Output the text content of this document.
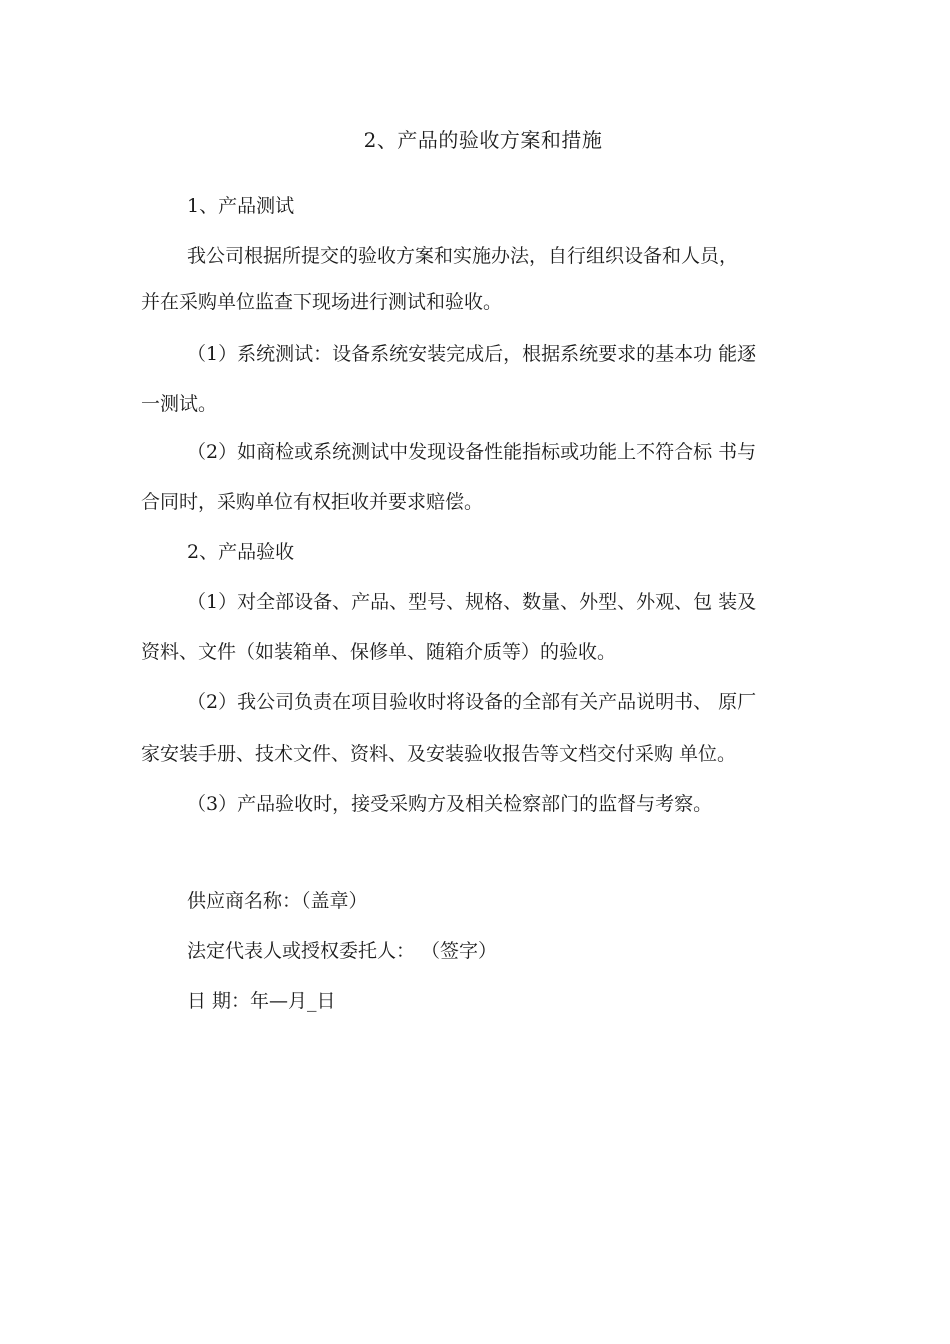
2、产品的验收方案和措施
1、产品测试
我公司根据所提交的验收方案和实施办法，自行组织设备和人员，
并在采购单位监查下现场进行测试和验收。
（1）系统测试：设备系统安装完成后，根据系统要求的基本功 能逐
一测试。
（2）如商检或系统测试中发现设备性能指标或功能上不符合标 书与
合同时，采购单位有权拒收并要求赔偿。
2、产品验收
（1）对全部设备、产品、型号、规格、数量、外型、外观、包 装及
资料、文件（如装箱单、保修单、随箱介质等）的验收。
（2）我公司负责在项目验收时将设备的全部有关产品说明书、 原厂
家安装手册、技术文件、资料、及安装验收报告等文档交付采购 单位。
（3）产品验收时，接受采购方及相关检察部门的监督与考察。
供应商名称：（盖章）
法定代表人或授权委托人： （签字）
日 期：年—月_日
